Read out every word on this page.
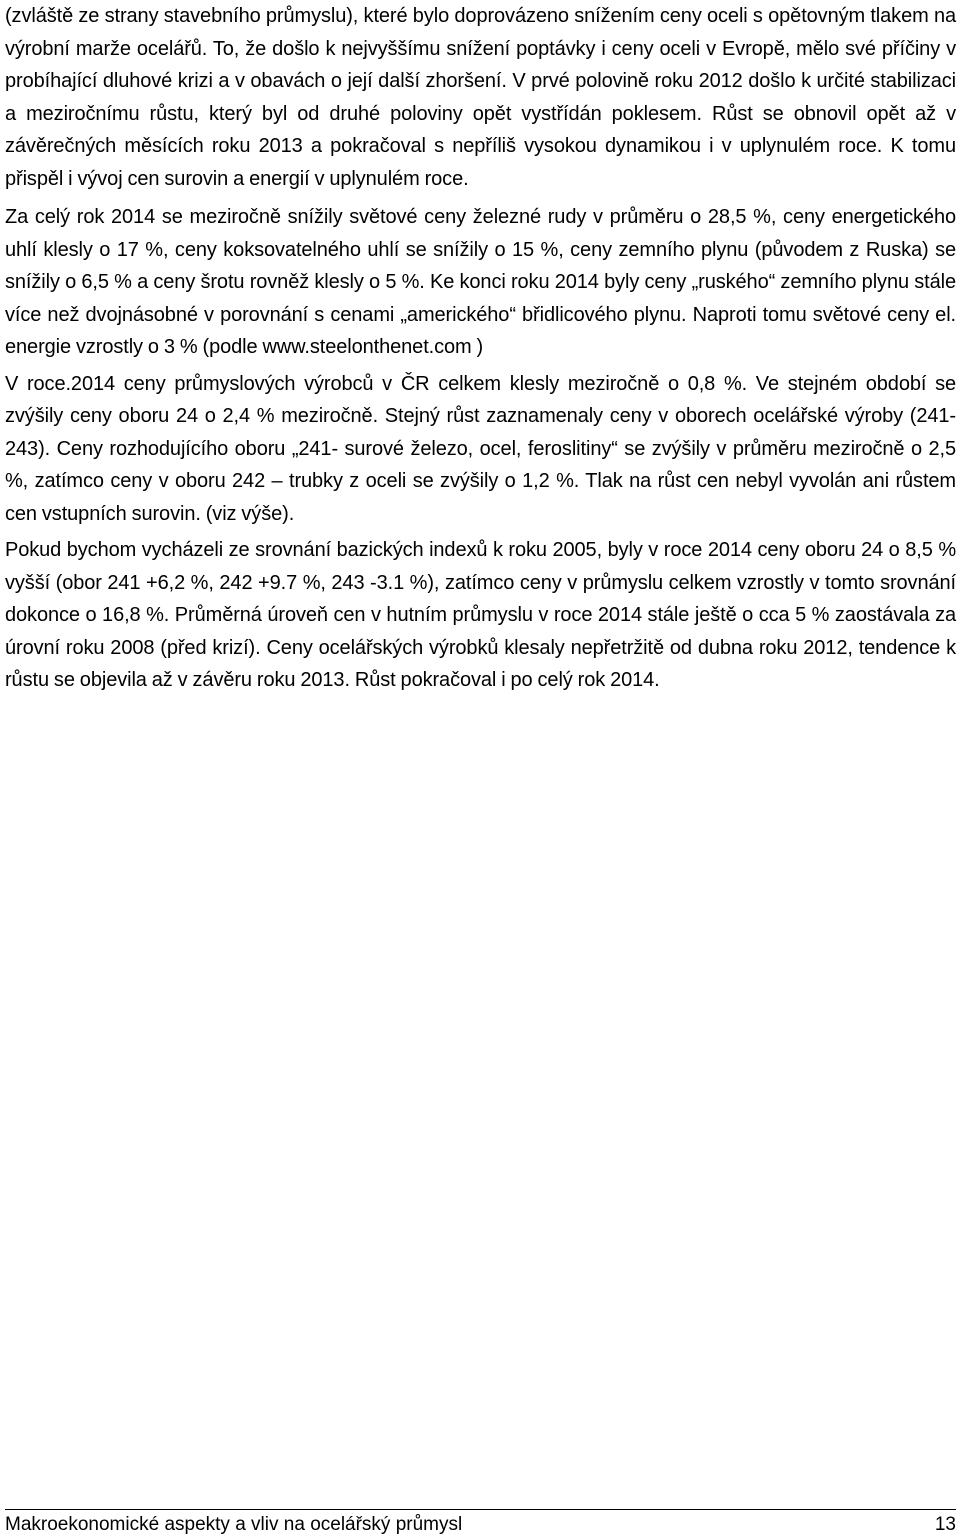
(zvláště ze strany stavebního průmyslu), které bylo doprovázeno snížením ceny oceli s opětovným tlakem na výrobní marže ocelářů. To, že došlo k nejvyššímu snížení poptávky i ceny oceli v Evropě, mělo své příčiny v probíhající dluhové krizi a v obavách o její další zhoršení. V prvé polovině roku 2012 došlo k určité stabilizaci a meziročnímu růstu, který byl od druhé poloviny opět vystřídán poklesem. Růst se obnovil opět až v závěrečných měsících roku 2013 a pokračoval s nepříliš vysokou dynamikou i v uplynulém roce. K tomu přispěl i vývoj cen surovin a energií v uplynulém roce.

Za celý rok 2014 se meziročně snížily světové ceny železné rudy v průměru o 28,5 %, ceny energetického uhlí klesly o 17 %, ceny koksovatelného uhlí se snížily o 15 %, ceny zemního plynu (původem z Ruska) se snížily o 6,5 % a ceny šrotu rovněž klesly o 5 %. Ke konci roku 2014 byly ceny „ruského“ zemního plynu stále více než dvojnásobné v porovnání s cenami „amerického“ břidlicového plynu. Naproti tomu světové ceny el. energie vzrostly o 3 % (podle www.steelonthenet.com )

V roce.2014 ceny průmyslových výrobců v ČR celkem klesly meziročně o 0,8 %. Ve stejném období se zvýšily ceny oboru 24 o 2,4 % meziročně. Stejný růst zaznamenaly ceny v oborech ocelářské výroby (241-243). Ceny rozhodujícího oboru „241- surové železo, ocel, feroslitiny“ se zvýšily v průměru meziročně o 2,5 %, zatímco ceny v oboru 242 – trubky z oceli se zvýšily o 1,2 %. Tlak na růst cen nebyl vyvolán ani růstem cen vstupních surovin. (viz výše).

Pokud bychom vycházeli ze srovnání bazických indexů k roku 2005, byly v roce 2014 ceny oboru 24 o 8,5 % vyšší (obor 241 +6,2 %, 242 +9.7 %, 243 -3.1 %), zatímco ceny v průmyslu celkem vzrostly v tomto srovnání dokonce o 16,8 %. Průměrná úroveň cen v hutním průmyslu v roce 2014 stále ještě o cca 5 % zaostávala za úrovní roku 2008 (před krizí). Ceny ocelářských výrobků klesaly nepřetržitě od dubna roku 2012, tendence k růstu se objevila až v závěru roku 2013. Růst pokračoval i po celý rok 2014.

Makroekonomické aspekty a vliv na ocelářský průmysl	13
